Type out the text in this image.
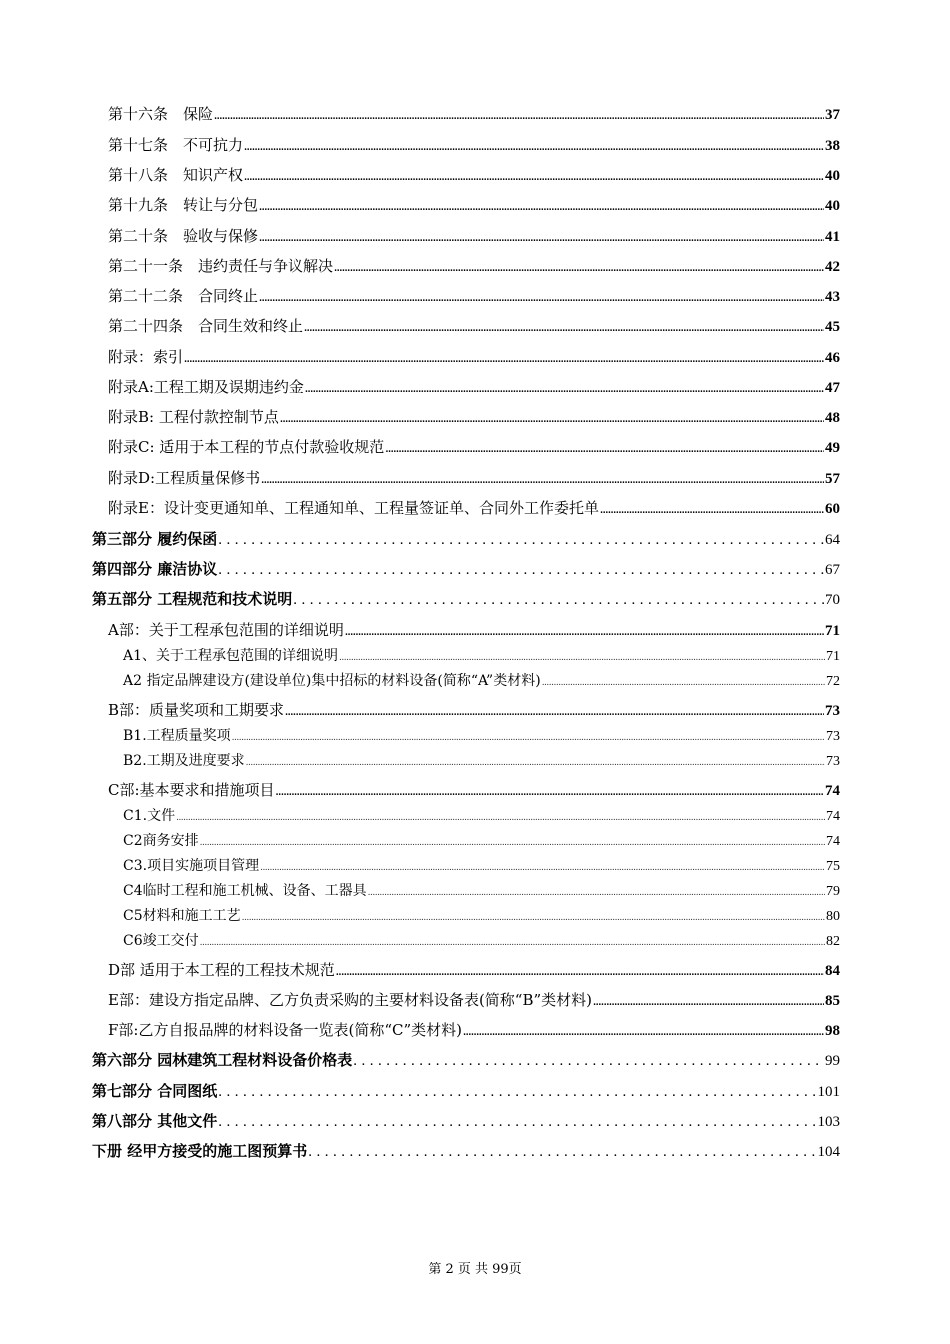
第十六条　保险 .....	37
第十七条　不可抗力 .....	38
第十八条　知识产权 .....	40
第十九条　转让与分包 .....	40
第二十条　验收与保修 .....	41
第二十一条　违约责任与争议解决 .....	42
第二十二条　合同终止 .....	43
第二十四条　合同生效和终止 .....	45
附录：索引 .....	46
附录A:工程工期及误期违约金 .....	47
附录B: 工程付款控制节点 .....	48
附录C: 适用于本工程的节点付款验收规范 .....	49
附录D:工程质量保修书 .....	57
附录E：设计变更通知单、工程通知单、工程量签证单、合同外工作委托单 .....	60
第三部分 履约保函 .....	64
第四部分 廉洁协议 .....	67
第五部分 工程规范和技术说明 .....	70
A部：关于工程承包范围的详细说明 .....	71
A1、关于工程承包范围的详细说明 .....	71
A2 指定品牌建设方(建设单位)集中招标的材料设备(简称“A”类材料) .....	72
B部：质量奖项和工期要求 .....	73
B1.工程质量奖项 .....	73
B2.工期及进度要求 .....	73
C部:基本要求和措施项目 .....	74
C1.文件 .....	74
C2商务安排 .....	74
C3.项目实施项目管理 .....	75
C4临时工程和施工机械、设备、工器具 .....	79
C5材料和施工工艺 .....	80
C6竣工交付 .....	82
D部 适用于本工程的工程技术规范 .....	84
E部：建设方指定品牌、乙方负责采购的主要材料设备表(简称“B”类材料) .....	85
F部:乙方自报品牌的材料设备一览表(简称“C”类材料) .....	98
第六部分 园林建筑工程材料设备价格表 .....	99
第七部分 合同图纸 .....	101
第八部分 其他文件 .....	103
下册 经甲方接受的施工图预算书 .....	104
第 2 页 共 99页
